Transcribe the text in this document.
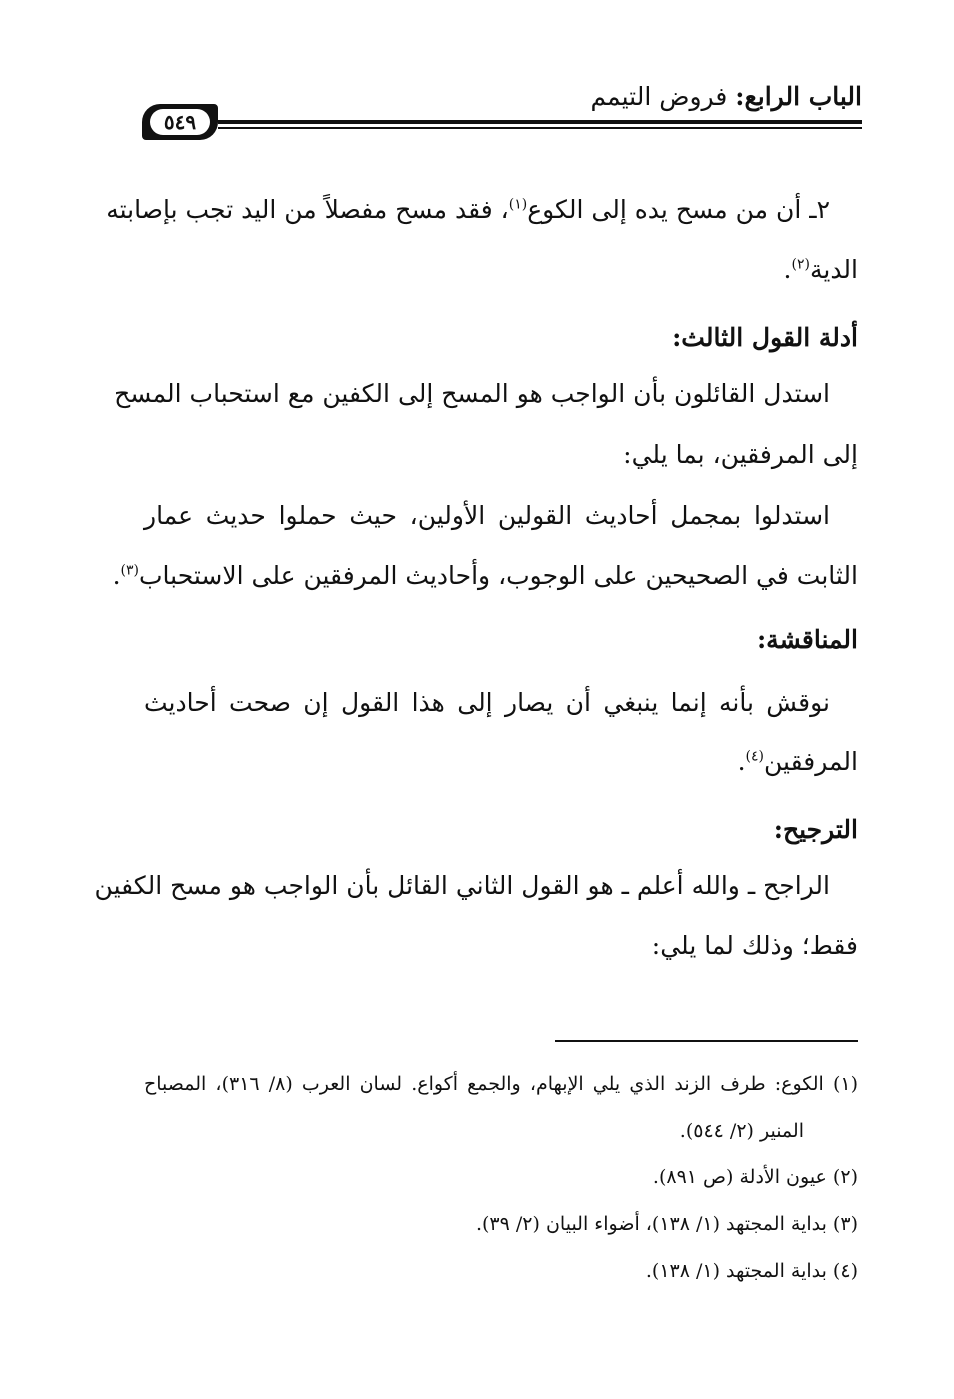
الباب الرابع: فروض التيمم
٥٤٩
٢ـ أن من مسح يده إلى الكوع$^{(١)}$، فقد مسح مفصلاً من اليد تجب بإصابته
الدية$^{(٢)}$.
أدلة القول الثالث:
استدل القائلون بأن الواجب هو المسح إلى الكفين مع استحباب المسح
إلى المرفقين، بما يلي:
استدلوا بمجمل أحاديث القولين الأولين، حيث حملوا حديث عمار
الثابت في الصحيحين على الوجوب، وأحاديث المرفقين على الاستحباب$^{(٣)}$.
المناقشة:
نوقش بأنه إنما ينبغي أن يصار إلى هذا القول إن صحت أحاديث
المرفقين$^{(٤)}$.
الترجيح:
الراجح ـ والله أعلم ـ هو القول الثاني القائل بأن الواجب هو مسح الكفين
فقط؛ وذلك لما يلي:
(١) الكوع: طرف الزند الذي يلي الإبهام، والجمع أكواع. لسان العرب (٨/ ٣١٦)، المصباح
المنير (٢/ ٥٤٤).
(٢) عيون الأدلة (ص ٨٩١).
(٣) بداية المجتهد (١/ ١٣٨)، أضواء البيان (٢/ ٣٩).
(٤) بداية المجتهد (١/ ١٣٨).
